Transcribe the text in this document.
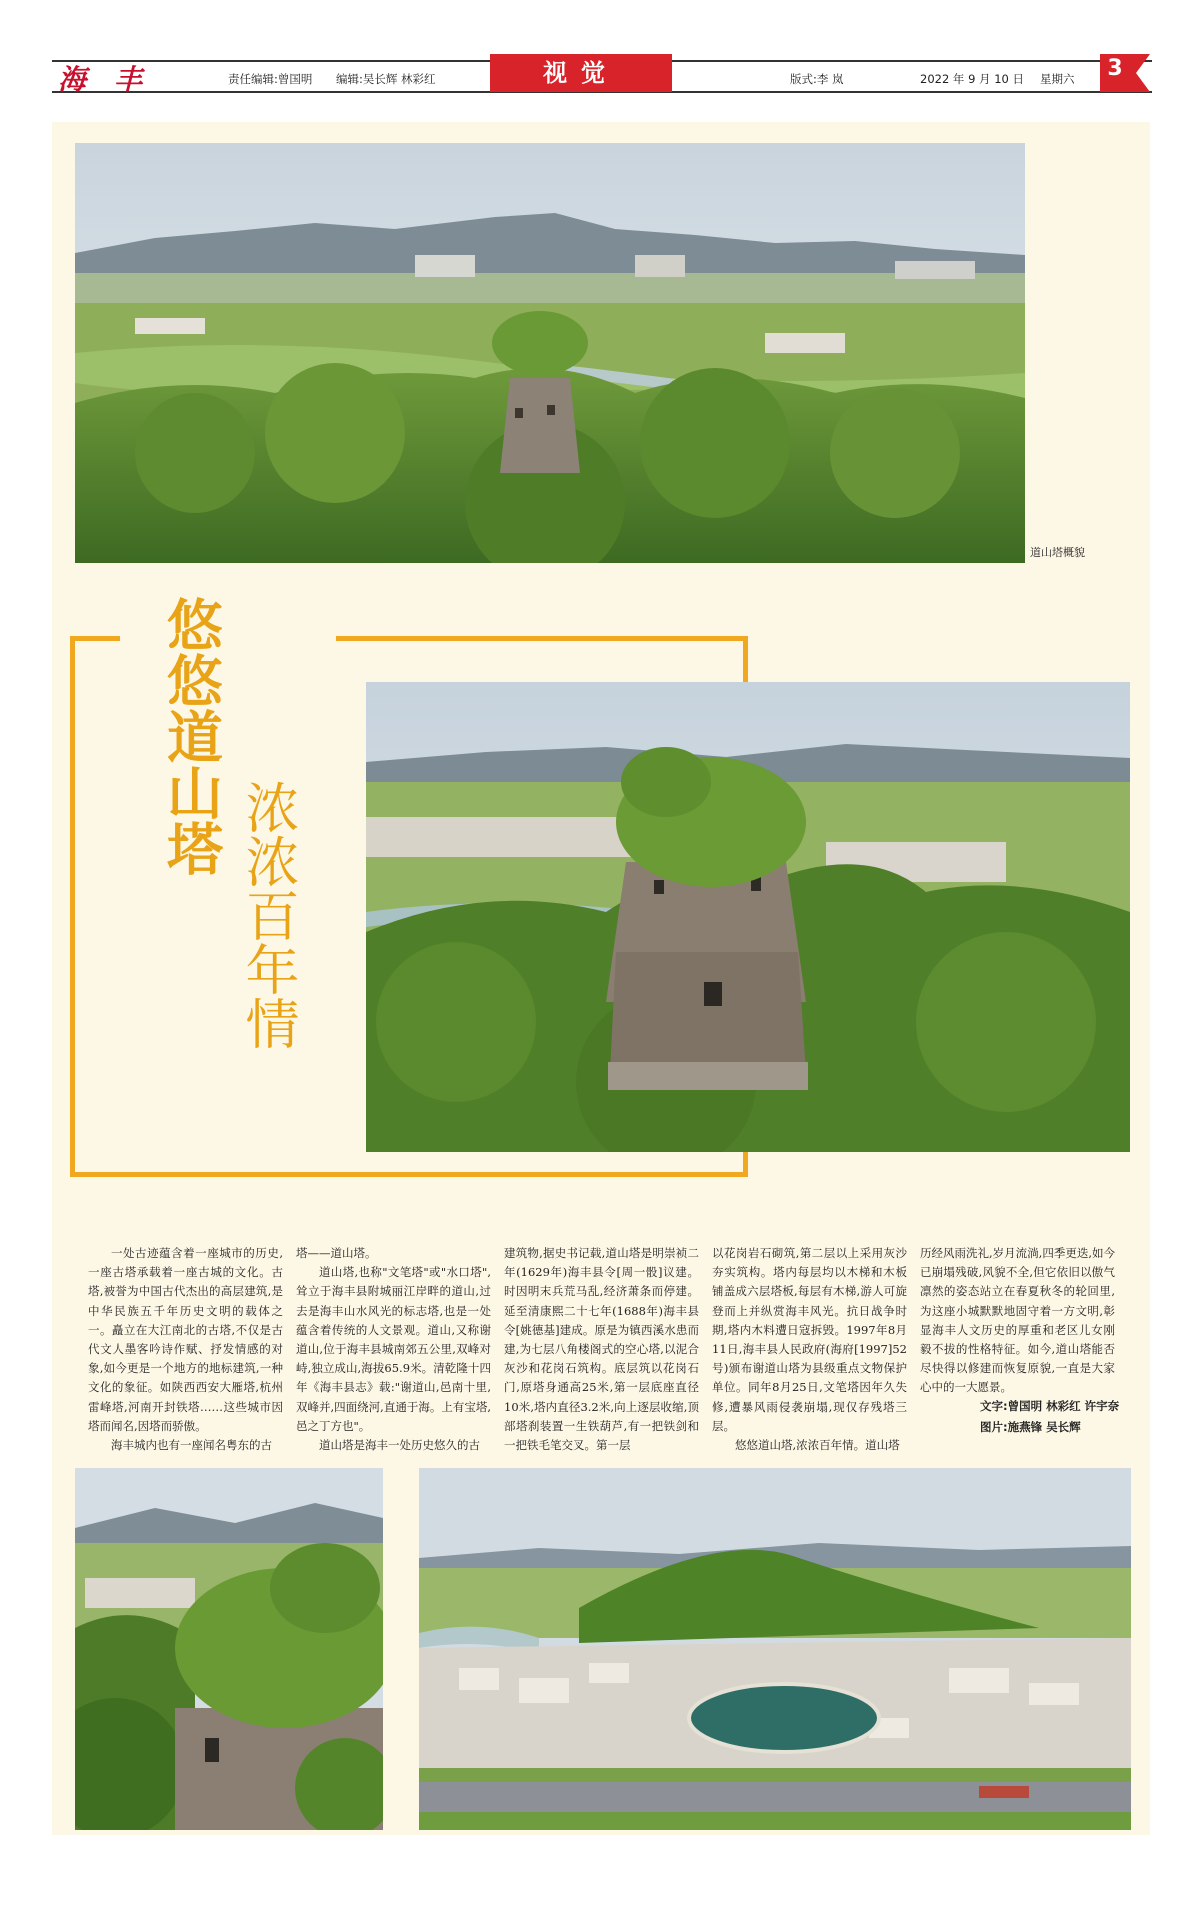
海丰	责任编辑:曾国明 编辑:吴长辉 林彩红	视觉	版式:李 岚	2022 年 9 月 10 日 星期六	3
道山塔概貌
悠悠道山塔
浓浓百年情

一处古迹蕴含着一座城市的历史,一座古塔承载着一座古城的文化。古塔,被誉为中国古代杰出的高层建筑,是中华民族五千年历史文明的载体之一。矗立在大江南北的古塔,不仅是古代文人墨客吟诗作赋、抒发情感的对象,如今更是一个地方的地标建筑,一种文化的象征。如陕西西安大雁塔,杭州雷峰塔,河南开封铁塔……这些城市因塔而闻名,因塔而骄傲。

海丰城内也有一座闻名粤东的古

塔——道山塔。

道山塔,也称"文笔塔"或"水口塔",耸立于海丰县附城丽江岸畔的道山,过去是海丰山水风光的标志塔,也是一处蕴含着传统的人文景观。道山,又称谢道山,位于海丰县城南郊五公里,双峰对峙,独立成山,海拔65.9米。清乾隆十四年《海丰县志》载:"谢道山,邑南十里,双峰并,四面绕河,直通于海。上有宝塔,邑之丁方也"。

道山塔是海丰一处历史悠久的古

建筑物,据史书记载,道山塔是明崇祯二年(1629年)海丰县令[周一骰]议建。时因明末兵荒马乱,经济萧条而停建。延至清康熙二十七年(1688年)海丰县令[姚德基]建成。原是为镇西溪水患而建,为七层八角楼阁式的空心塔,以泥合灰沙和花岗石筑构。底层筑以花岗石门,原塔身通高25米,第一层底座直径10米,塔内直径3.2米,向上逐层收缩,顶部塔刹装置一生铁葫芦,有一把铁剑和一把铁毛笔交叉。第一层

以花岗岩石砌筑,第二层以上采用灰沙夯实筑构。塔内每层均以木梯和木板铺盖成六层塔板,每层有木梯,游人可旋登而上并纵赏海丰风光。抗日战争时期,塔内木料遭日寇拆毁。1997年8月11日,海丰县人民政府(海府[1997]52号)颁布谢道山塔为县级重点文物保护单位。同年8月25日,文笔塔因年久失修,遭暴风雨侵袭崩塌,现仅存残塔三层。

悠悠道山塔,浓浓百年情。道山塔

历经风雨洗礼,岁月流淌,四季更迭,如今已崩塌残破,风貌不全,但它依旧以傲气凛然的姿态站立在春夏秋冬的轮回里,为这座小城默默地固守着一方文明,彰显海丰人文历史的厚重和老区儿女刚毅不拔的性格特征。如今,道山塔能否尽快得以修建而恢复原貌,一直是大家心中的一大愿景。

文字:曾国明 林彩红 许宇奈
图片:施燕锋 吴长辉
